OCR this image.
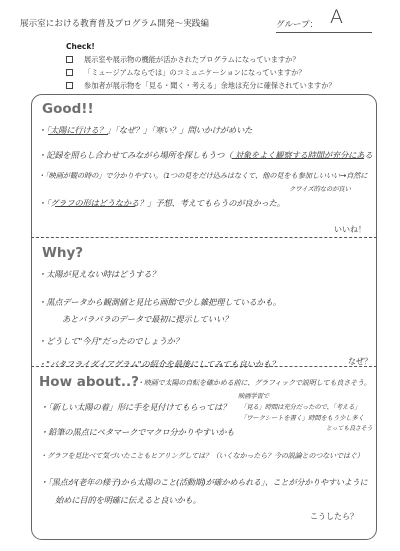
展示室における教育普及プログラム開発～実践編	グループ： A
Check!
展示室や展示物の機能が活かされたプログラムになっていますか？
「ミュージアムならでは」のコミュニケーションになっていますか？
参加者が展示物を「見る・聞く・考える」余地は充分に確保されていますか？
Good!!
・「太陽に行ける？」「なぜ？」「寒い？」問いかけがめいた
・記録を照らし合わせてみながら場所を探しもうつ（ 対象をよく観察する時間が充分にある
・「映画が観の時の」で分かりやすい。（1つの見をだけ込みはなくて、他の見をも参加しいいい→自然に
クワイズ的なのが良い
・「グラフの形はどうなかる？」予想、考えてもらうのが良かった。
いいね！
Why?
・太陽が見えない時はどうする？
・黒点データから観測値と見比ら画館で少し雑把理しているかも。
あとバラバラのデータで最初に提示していい？
・どうして"今月"だったのでしょうか？
・"バタフライダイアグラム"の紹介を最後にしてみても良いかも？	なぜ？
How about..?
・映画で太陽の自転を確かめる前に、グラフィックで説明しても良さそう。
・「新しい太陽の着」形に手を見付けてもらっては？
映画学習で
「見る」時間は充分だったので、「考える」
「ワークシートを書く」時間をもう少し多く
とっても良さそう
・鉛筆の黒点にペタマークでマクロ分かりやすいかも
・グラフを見比べて気づいたこともヒアリングしては？（いくなかったら？今の説論とのつないではぐ）
・「黒点が(老年の様子)から太陽のこと(活動期)が確かめられる」、ことが分かりやすいように
始めに目的を明確に伝えると良いかも。
こうしたら？
